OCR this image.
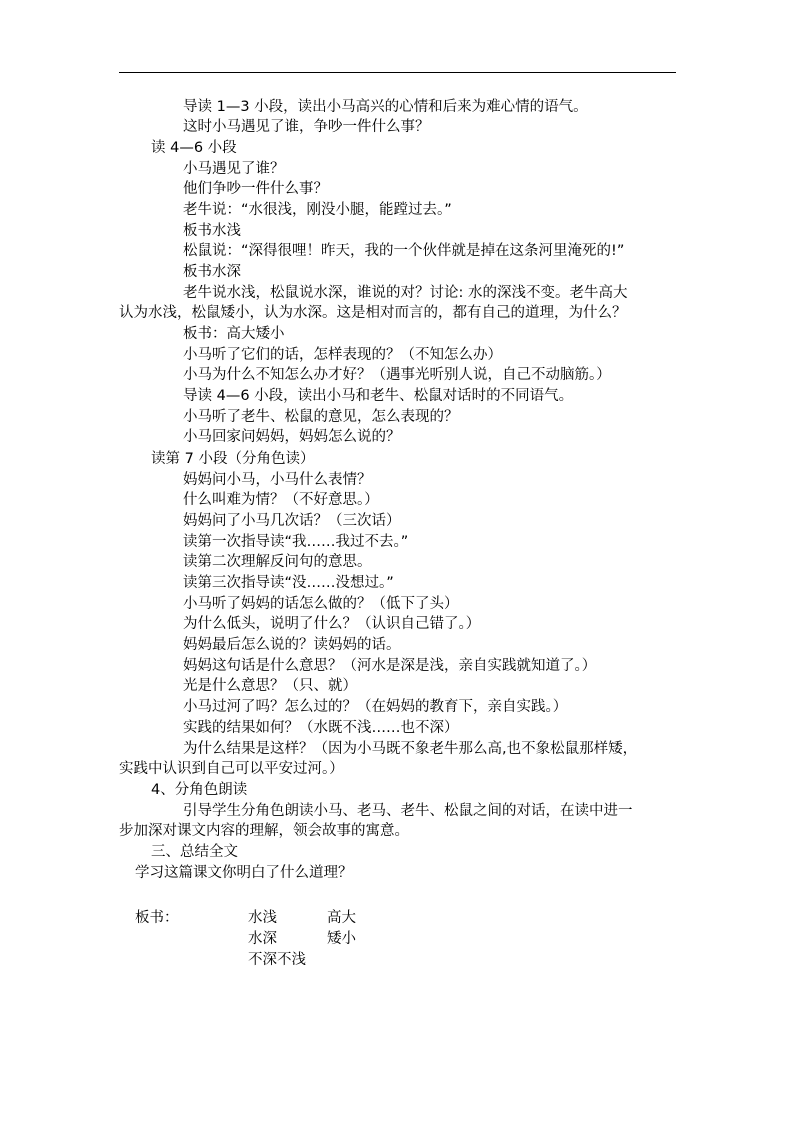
导读 1—3 小段，读出小马高兴的心情和后来为难心情的语气。
这时小马遇见了谁，争吵一件什么事？
读 4—6 小段
小马遇见了谁？
他们争吵一件什么事？
老牛说：“水很浅，刚没小腿，能蹚过去。”
板书水浅
松鼠说：“深得很哩！昨天，我的一个伙伴就是掉在这条河里淹死的!”
板书水深
老牛说水浅，松鼠说水深，谁说的对？讨论: 水的深浅不变。老牛高大
认为水浅，松鼠矮小，认为水深。这是相对而言的，都有自己的道理，为什么？
板书：高大矮小
小马听了它们的话，怎样表现的？（不知怎么办）
小马为什么不知怎么办才好？（遇事光听别人说，自己不动脑筋。）
导读 4—6 小段，读出小马和老牛、松鼠对话时的不同语气。
小马听了老牛、松鼠的意见，怎么表现的？
小马回家问妈妈，妈妈怎么说的？
读第 7 小段（分角色读）
妈妈问小马，小马什么表情？
什么叫难为情？（不好意思。）
妈妈问了小马几次话？（三次话）
读第一次指导读“我……我过不去。”
读第二次理解反问句的意思。
读第三次指导读“没……没想过。”
小马听了妈妈的话怎么做的？（低下了头）
为什么低头，说明了什么？（认识自己错了。）
妈妈最后怎么说的？读妈妈的话。
妈妈这句话是什么意思？（河水是深是浅，亲自实践就知道了。）
光是什么意思？（只、就）
小马过河了吗？怎么过的？（在妈妈的教育下，亲自实践。）
实践的结果如何？（水既不浅……也不深）
为什么结果是这样？（因为小马既不象老牛那么高,也不象松鼠那样矮，
实践中认识到自己可以平安过河。）
4、分角色朗读
引导学生分角色朗读小马、老马、老牛、松鼠之间的对话，在读中进一
步加深对课文内容的理解，领会故事的寓意。
三、总结全文
学习这篇课文你明白了什么道理？
板书：	水浅
水深
不深不浅
高大
矮小
